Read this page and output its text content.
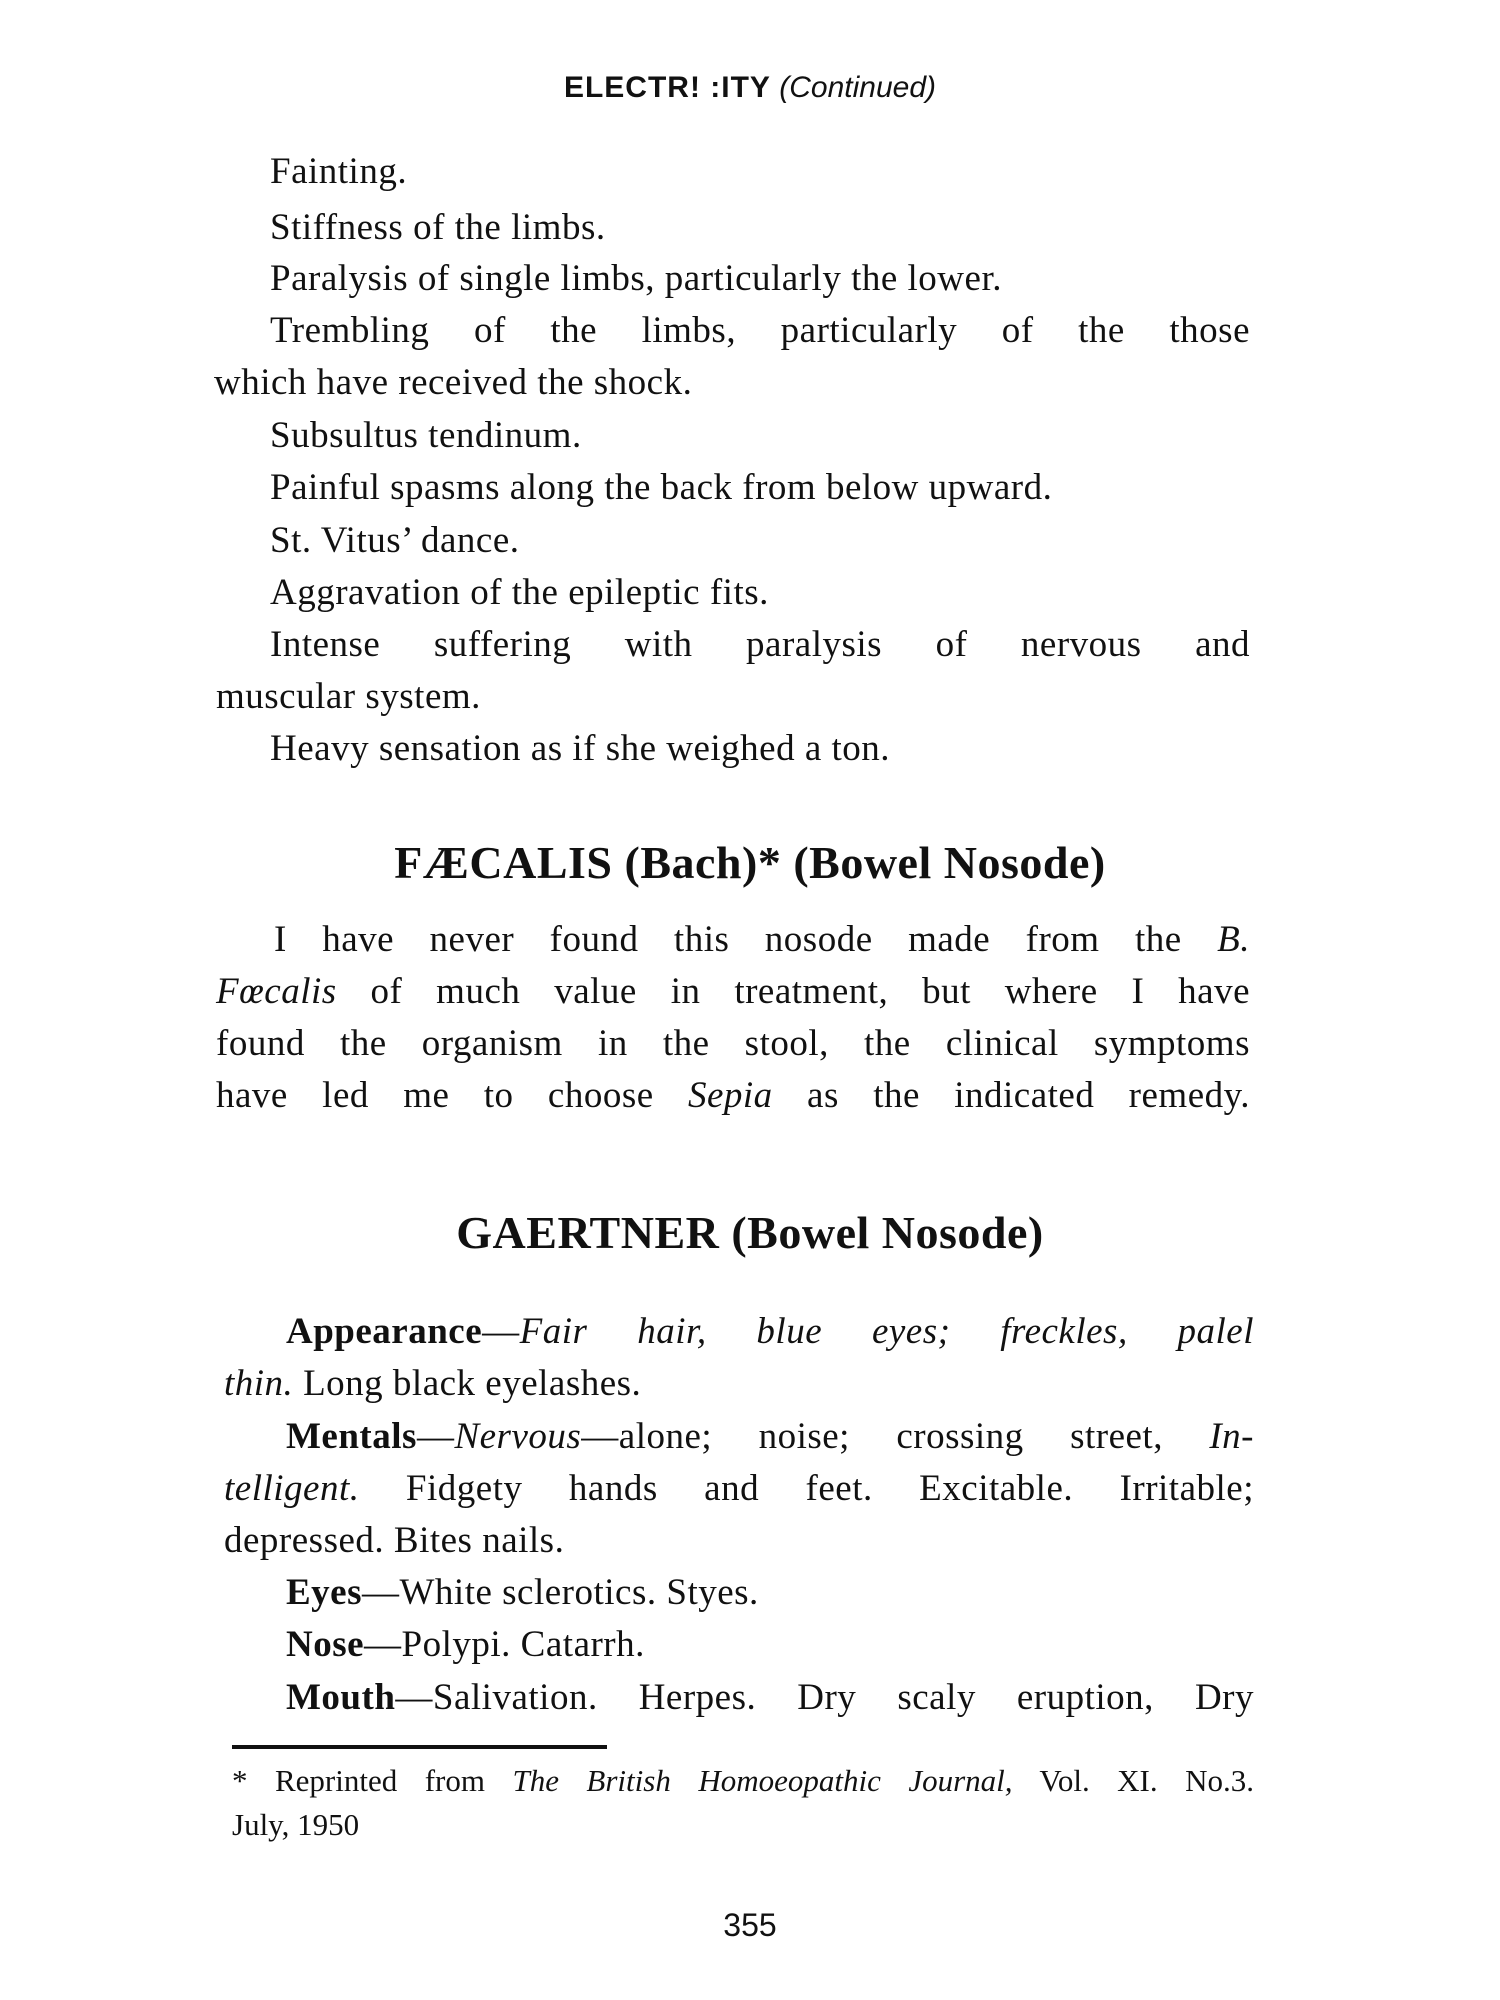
ELECTR! :ITY (Continued)
Fainting.
Stiffness of the limbs.
Paralysis of single limbs, particularly the lower.
Trembling of the limbs, particularly of the those
which have received the shock.
Subsultus tendinum.
Painful spasms along the back from below upward.
St. Vitus’ dance.
Aggravation of the epileptic fits.
Intense suffering with paralysis of nervous and
muscular system.
Heavy sensation as if she weighed a ton.
FÆCALIS (Bach)* (Bowel Nosode)
I have never found this nosode made from the B.
Fœcalis of much value in treatment, but where I have
found the organism in the stool, the clinical symptoms
have led me to choose Sepia as the indicated remedy.
GAERTNER (Bowel Nosode)
Appearance—Fair hair, blue eyes; freckles, palel
thin. Long black eyelashes.
Mentals—Nervous—alone; noise; crossing street, In-
telligent. Fidgety hands and feet. Excitable. Irritable;
depressed. Bites nails.
Eyes—White sclerotics. Styes.
Nose—Polypi. Catarrh.
Mouth—Salivation. Herpes. Dry scaly eruption, Dry
* Reprinted from The British Homoeopathic Journal, Vol. XI. No.3.
July, 1950
355
